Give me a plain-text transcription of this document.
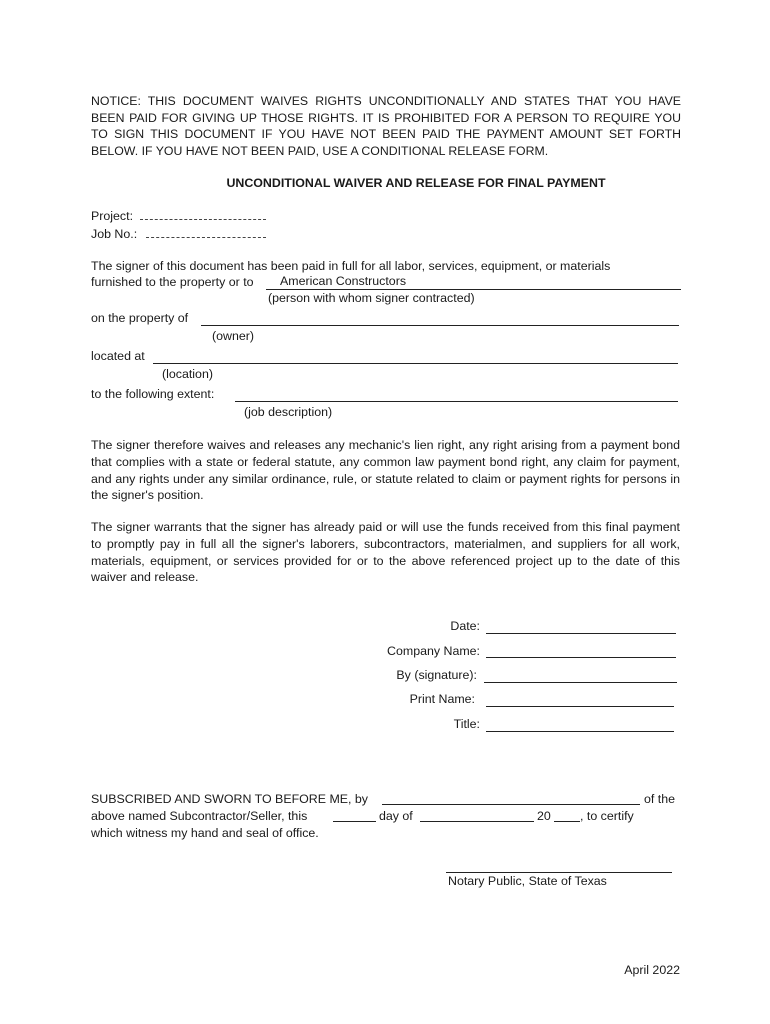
NOTICE: THIS DOCUMENT WAIVES RIGHTS UNCONDITIONALLY AND STATES THAT YOU HAVE BEEN PAID FOR GIVING UP THOSE RIGHTS. IT IS PROHIBITED FOR A PERSON TO REQUIRE YOU TO SIGN THIS DOCUMENT IF YOU HAVE NOT BEEN PAID THE PAYMENT AMOUNT SET FORTH BELOW. IF YOU HAVE NOT BEEN PAID, USE A CONDITIONAL RELEASE FORM.
UNCONDITIONAL WAIVER AND RELEASE FOR FINAL PAYMENT
Project:
Job No.:
The signer of this document has been paid in full for all labor, services, equipment, or materials
furnished to the property or to American Constructors
(person with whom signer contracted)
on the property of
(owner)
located at
(location)
to the following extent:
(job description)
The signer therefore waives and releases any mechanic's lien right, any right arising from a payment bond that complies with a state or federal statute, any common law payment bond right, any claim for payment, and any rights under any similar ordinance, rule, or statute related to claim or payment rights for persons in the signer's position.
The signer warrants that the signer has already paid or will use the funds received from this final payment to promptly pay in full all the signer's laborers, subcontractors, materialmen, and suppliers for all work, materials, equipment, or services provided for or to the above referenced project up to the date of this waiver and release.
Date:
Company Name:
By (signature):
Print Name:
Title:
SUBSCRIBED AND SWORN TO BEFORE ME, by	of the
above named Subcontractor/Seller, this	day of	20 , to certify
which witness my hand and seal of office.
Notary Public, State of Texas
April 2022
